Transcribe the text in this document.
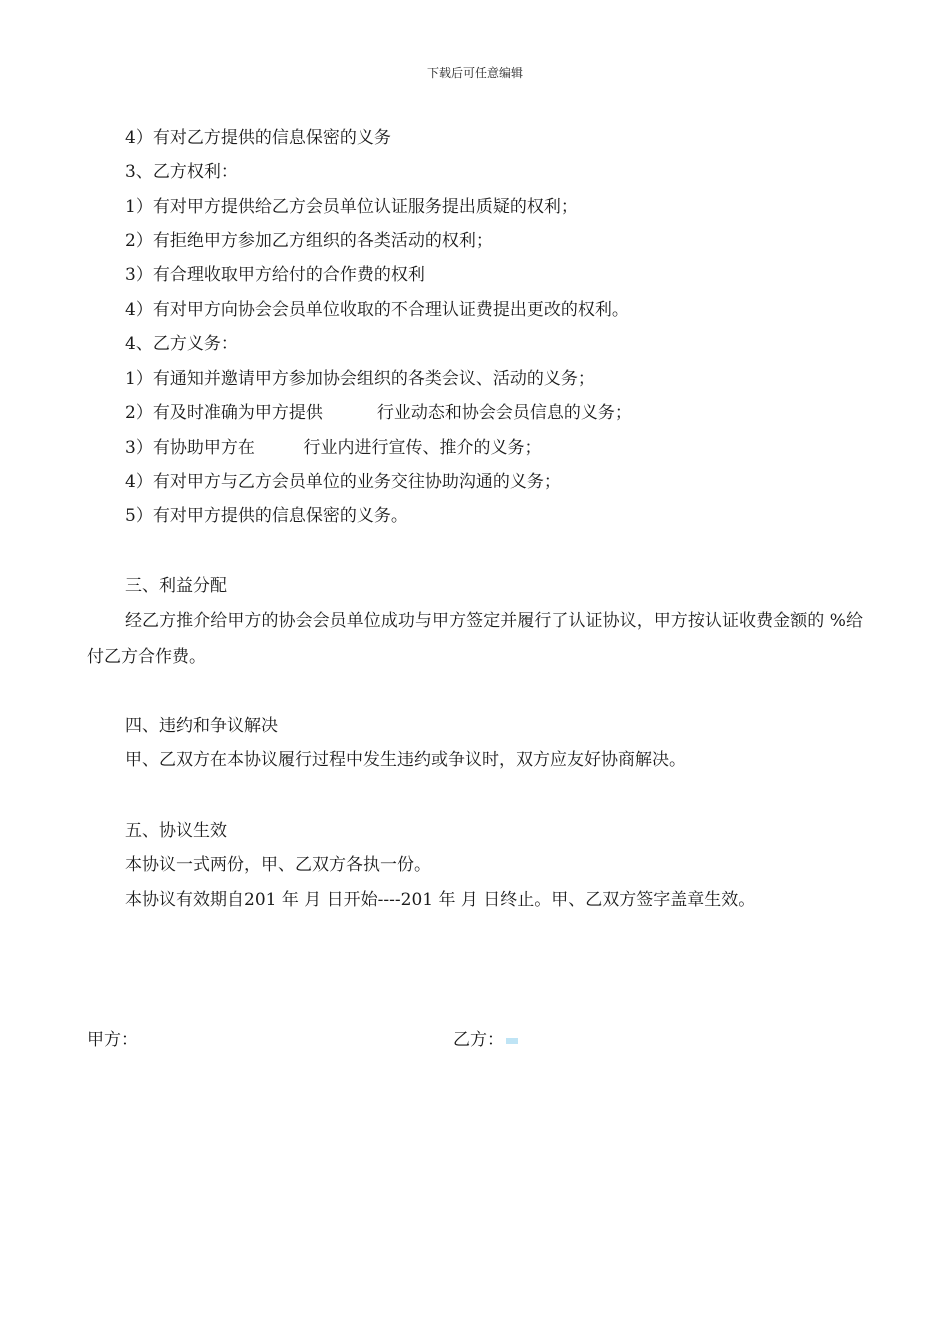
下载后可任意编辑
4）有对乙方提供的信息保密的义务
3、乙方权利：
1）有对甲方提供给乙方会员单位认证服务提出质疑的权利；
2）有拒绝甲方参加乙方组织的各类活动的权利；
3）有合理收取甲方给付的合作费的权利
4）有对甲方向协会会员单位收取的不合理认证费提出更改的权利。
4、乙方义务：
1）有通知并邀请甲方参加协会组织的各类会议、活动的义务；
2）有及时准确为甲方提供          行业动态和协会会员信息的义务；
3）有协助甲方在         行业内进行宣传、推介的义务；
4）有对甲方与乙方会员单位的业务交往协助沟通的义务；
5）有对甲方提供的信息保密的义务。
三、利益分配
经乙方推介给甲方的协会会员单位成功与甲方签定并履行了认证协议，甲方按认证收费金额的 %给付乙方合作费。
四、违约和争议解决
甲、乙双方在本协议履行过程中发生违约或争议时，双方应友好协商解决。
五、协议生效
本协议一式两份，甲、乙双方各执一份。
本协议有效期自201 年 月 日开始----201 年 月 日终止。甲、乙双方签字盖章生效。
甲方：	乙方：
